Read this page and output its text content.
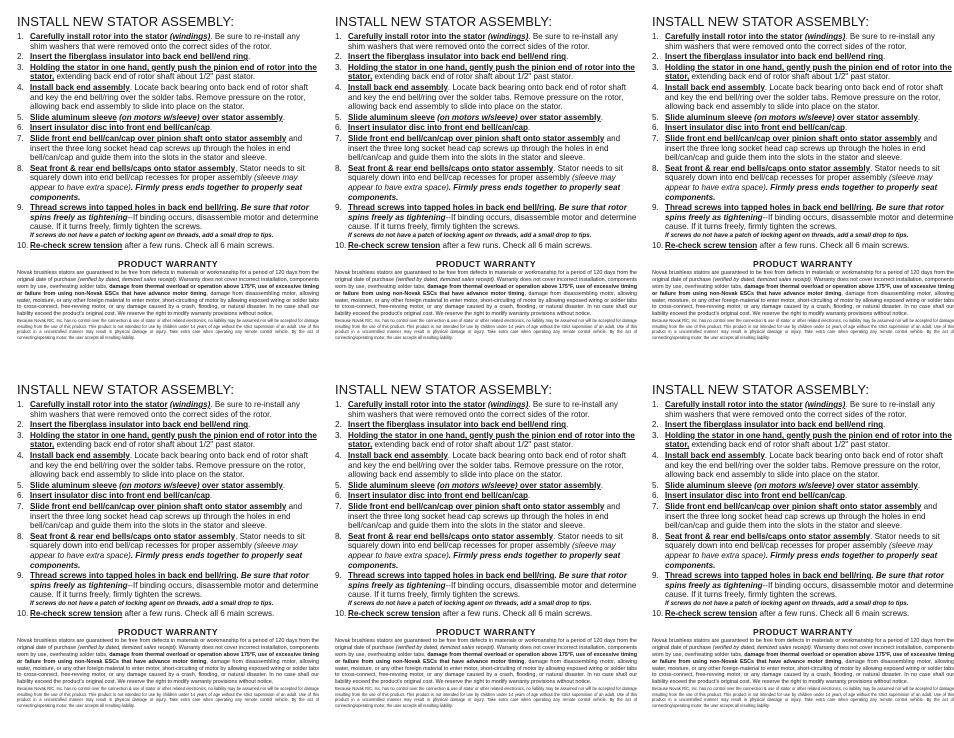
INSTALL NEW STATOR ASSEMBLY:
1. Carefully install rotor into the stator (windings). Be sure to re-install any shim washers that were removed onto the correct sides of the rotor.
2. Insert the fiberglass insulator into back end bell/end ring.
3. Holding the stator in one hand, gently push the pinion end of rotor into the stator, extending back end of rotor shaft about 1/2" past stator.
4. Install back end assembly. Locate back bearing onto back end of rotor shaft and key the end bell/ring over the solder tabs. Remove pressure on the rotor, allowing back end assembly to slide into place on the stator.
5. Slide aluminum sleeve (on motors w/sleeve) over stator assembly.
6. Insert insulator disc into front end bell/can/cap.
7. Slide front end bell/can/cap over pinion shaft onto stator assembly and insert the three long socket head cap screws up through the holes in end bell/can/cap and guide them into the slots in the stator and sleeve.
8. Seat front & rear end bells/caps onto stator assembly. Stator needs to sit squarely down into end bell/cap recesses for proper assembly (sleeve may appear to have extra space). Firmly press ends together to properly seat components.
9. Thread screws into tapped holes in back end bell/ring. Be sure that rotor spins freely as tightening--If binding occurs, disassemble motor and determine cause. If it turns freely, firmly tighten the screws.
If screws do not have a patch of locking agent on threads, add a small drop to tips.
10. Re-check screw tension after a few runs. Check all 6 main screws.
PRODUCT WARRANTY

Novak brushless stators are guaranteed to be free from defects in materials or workmanship for a period of 120 days from the original date of purchase (verified by dated, itemized sales receipt). Warranty does not cover incorrect installation, components worn by use, overheating solder tabs, damage from thermal overload or operation above 175°F, use of excessive timing or failure from using non-Novak ESCs that have advance motor timing, damage from disassembling motor, allowing water, moisture, or any other foreign material to enter motor, short-circuiting of motor by allowing exposed wiring or solder tabs to cross-connect, free-revving motor, or any damage caused by a crash, flooding, or natural disaster. In no case shall our liability exceed the product's original cost. We reserve the right to modify warranty provisions without notice.

Because Novak R/C, Inc. has no control over the connection & use of stator or other related electronics, no liability may be assumed nor will be accepted for damage resulting from the use of this product. This product is not intended for use by children under 14 years of age without the strict supervision of an adult. Use of this product in a uncontrolled manner may result in physical damage or injury. Take extra care when operating any remote control vehicle. By the act of connecting/operating motor, the user accepts all resulting liability.

INSTALL NEW STATOR ASSEMBLY:
1. Carefully install rotor into the stator (windings). Be sure to re-install any shim washers that were removed onto the correct sides of the rotor.
2. Insert the fiberglass insulator into back end bell/end ring.
3. Holding the stator in one hand, gently push the pinion end of rotor into the stator, extending back end of rotor shaft about 1/2" past stator.
4. Install back end assembly. Locate back bearing onto back end of rotor shaft and key the end bell/ring over the solder tabs. Remove pressure on the rotor, allowing back end assembly to slide into place on the stator.
5. Slide aluminum sleeve (on motors w/sleeve) over stator assembly.
6. Insert insulator disc into front end bell/can/cap.
7. Slide front end bell/can/cap over pinion shaft onto stator assembly and insert the three long socket head cap screws up through the holes in end bell/can/cap and guide them into the slots in the stator and sleeve.
8. Seat front & rear end bells/caps onto stator assembly. Stator needs to sit squarely down into end bell/cap recesses for proper assembly (sleeve may appear to have extra space). Firmly press ends together to properly seat components.
9. Thread screws into tapped holes in back end bell/ring. Be sure that rotor spins freely as tightening--If binding occurs, disassemble motor and determine cause. If it turns freely, firmly tighten the screws.
If screws do not have a patch of locking agent on threads, add a small drop to tips.
10. Re-check screw tension after a few runs. Check all 6 main screws.
PRODUCT WARRANTY

Novak brushless stators are guaranteed to be free from defects in materials or workmanship for a period of 120 days from the original date of purchase (verified by dated, itemized sales receipt). Warranty does not cover incorrect installation, components worn by use, overheating solder tabs, damage from thermal overload or operation above 175°F, use of excessive timing or failure from using non-Novak ESCs that have advance motor timing, damage from disassembling motor, allowing water, moisture, or any other foreign material to enter motor, short-circuiting of motor by allowing exposed wiring or solder tabs to cross-connect, free-revving motor, or any damage caused by a crash, flooding, or natural disaster. In no case shall our liability exceed the product's original cost. We reserve the right to modify warranty provisions without notice.

Because Novak R/C, Inc. has no control over the connection & use of stator or other related electronics, no liability may be assumed nor will be accepted for damage resulting from the use of this product. This product is not intended for use by children under 14 years of age without the strict supervision of an adult. Use of this product in a uncontrolled manner may result in physical damage or injury. Take extra care when operating any remote control vehicle. By the act of connecting/operating motor, the user accepts all resulting liability.

INSTALL NEW STATOR ASSEMBLY:
1. Carefully install rotor into the stator (windings). Be sure to re-install any shim washers that were removed onto the correct sides of the rotor.
2. Insert the fiberglass insulator into back end bell/end ring.
3. Holding the stator in one hand, gently push the pinion end of rotor into the stator, extending back end of rotor shaft about 1/2" past stator.
4. Install back end assembly. Locate back bearing onto back end of rotor shaft and key the end bell/ring over the solder tabs. Remove pressure on the rotor, allowing back end assembly to slide into place on the stator.
5. Slide aluminum sleeve (on motors w/sleeve) over stator assembly.
6. Insert insulator disc into front end bell/can/cap.
7. Slide front end bell/can/cap over pinion shaft onto stator assembly and insert the three long socket head cap screws up through the holes in end bell/can/cap and guide them into the slots in the stator and sleeve.
8. Seat front & rear end bells/caps onto stator assembly. Stator needs to sit squarely down into end bell/cap recesses for proper assembly (sleeve may appear to have extra space). Firmly press ends together to properly seat components.
9. Thread screws into tapped holes in back end bell/ring. Be sure that rotor spins freely as tightening--If binding occurs, disassemble motor and determine cause. If it turns freely, firmly tighten the screws.
If screws do not have a patch of locking agent on threads, add a small drop to tips.
10. Re-check screw tension after a few runs. Check all 6 main screws.
PRODUCT WARRANTY

Novak brushless stators are guaranteed to be free from defects in materials or workmanship for a period of 120 days from the original date of purchase (verified by dated, itemized sales receipt). Warranty does not cover incorrect installation, components worn by use, overheating solder tabs, damage from thermal overload or operation above 175°F, use of excessive timing or failure from using non-Novak ESCs that have advance motor timing, damage from disassembling motor, allowing water, moisture, or any other foreign material to enter motor, short-circuiting of motor by allowing exposed wiring or solder tabs to cross-connect, free-revving motor, or any damage caused by a crash, flooding, or natural disaster. In no case shall our liability exceed the product's original cost. We reserve the right to modify warranty provisions without notice.

Because Novak R/C, Inc. has no control over the connection & use of stator or other related electronics, no liability may be assumed nor will be accepted for damage resulting from the use of this product. This product is not intended for use by children under 14 years of age without the strict supervision of an adult. Use of this product in a uncontrolled manner may result in physical damage or injury. Take extra care when operating any remote control vehicle. By the act of connecting/operating motor, the user accepts all resulting liability.

INSTALL NEW STATOR ASSEMBLY:
1. Carefully install rotor into the stator (windings). Be sure to re-install any shim washers that were removed onto the correct sides of the rotor.
2. Insert the fiberglass insulator into back end bell/end ring.
3. Holding the stator in one hand, gently push the pinion end of rotor into the stator, extending back end of rotor shaft about 1/2" past stator.
4. Install back end assembly. Locate back bearing onto back end of rotor shaft and key the end bell/ring over the solder tabs. Remove pressure on the rotor, allowing back end assembly to slide into place on the stator.
5. Slide aluminum sleeve (on motors w/sleeve) over stator assembly.
6. Insert insulator disc into front end bell/can/cap.
7. Slide front end bell/can/cap over pinion shaft onto stator assembly and insert the three long socket head cap screws up through the holes in end bell/can/cap and guide them into the slots in the stator and sleeve.
8. Seat front & rear end bells/caps onto stator assembly. Stator needs to sit squarely down into end bell/cap recesses for proper assembly (sleeve may appear to have extra space). Firmly press ends together to properly seat components.
9. Thread screws into tapped holes in back end bell/ring. Be sure that rotor spins freely as tightening--If binding occurs, disassemble motor and determine cause. If it turns freely, firmly tighten the screws.
If screws do not have a patch of locking agent on threads, add a small drop to tips.
10. Re-check screw tension after a few runs. Check all 6 main screws.
PRODUCT WARRANTY

Novak brushless stators are guaranteed to be free from defects in materials or workmanship for a period of 120 days from the original date of purchase (verified by dated, itemized sales receipt). Warranty does not cover incorrect installation, components worn by use, overheating solder tabs, damage from thermal overload or operation above 175°F, use of excessive timing or failure from using non-Novak ESCs that have advance motor timing, damage from disassembling motor, allowing water, moisture, or any other foreign material to enter motor, short-circuiting of motor by allowing exposed wiring or solder tabs to cross-connect, free-revving motor, or any damage caused by a crash, flooding, or natural disaster. In no case shall our liability exceed the product's original cost. We reserve the right to modify warranty provisions without notice.

Because Novak R/C, Inc. has no control over the connection & use of stator or other related electronics, no liability may be assumed nor will be accepted for damage resulting from the use of this product. This product is not intended for use by children under 14 years of age without the strict supervision of an adult. Use of this product in a uncontrolled manner may result in physical damage or injury. Take extra care when operating any remote control vehicle. By the act of connecting/operating motor, the user accepts all resulting liability.

INSTALL NEW STATOR ASSEMBLY:
1. Carefully install rotor into the stator (windings). Be sure to re-install any shim washers that were removed onto the correct sides of the rotor.
2. Insert the fiberglass insulator into back end bell/end ring.
3. Holding the stator in one hand, gently push the pinion end of rotor into the stator, extending back end of rotor shaft about 1/2" past stator.
4. Install back end assembly. Locate back bearing onto back end of rotor shaft and key the end bell/ring over the solder tabs. Remove pressure on the rotor, allowing back end assembly to slide into place on the stator.
5. Slide aluminum sleeve (on motors w/sleeve) over stator assembly.
6. Insert insulator disc into front end bell/can/cap.
7. Slide front end bell/can/cap over pinion shaft onto stator assembly and insert the three long socket head cap screws up through the holes in end bell/can/cap and guide them into the slots in the stator and sleeve.
8. Seat front & rear end bells/caps onto stator assembly. Stator needs to sit squarely down into end bell/cap recesses for proper assembly (sleeve may appear to have extra space). Firmly press ends together to properly seat components.
9. Thread screws into tapped holes in back end bell/ring. Be sure that rotor spins freely as tightening--If binding occurs, disassemble motor and determine cause. If it turns freely, firmly tighten the screws.
If screws do not have a patch of locking agent on threads, add a small drop to tips.
10. Re-check screw tension after a few runs. Check all 6 main screws.
PRODUCT WARRANTY

Novak brushless stators are guaranteed to be free from defects in materials or workmanship for a period of 120 days from the original date of purchase (verified by dated, itemized sales receipt). Warranty does not cover incorrect installation, components worn by use, overheating solder tabs, damage from thermal overload or operation above 175°F, use of excessive timing or failure from using non-Novak ESCs that have advance motor timing, damage from disassembling motor, allowing water, moisture, or any other foreign material to enter motor, short-circuiting of motor by allowing exposed wiring or solder tabs to cross-connect, free-revving motor, or any damage caused by a crash, flooding, or natural disaster. In no case shall our liability exceed the product's original cost. We reserve the right to modify warranty provisions without notice.

Because Novak R/C, Inc. has no control over the connection & use of stator or other related electronics, no liability may be assumed nor will be accepted for damage resulting from the use of this product. This product is not intended for use by children under 14 years of age without the strict supervision of an adult. Use of this product in a uncontrolled manner may result in physical damage or injury. Take extra care when operating any remote control vehicle. By the act of connecting/operating motor, the user accepts all resulting liability.

INSTALL NEW STATOR ASSEMBLY:
1. Carefully install rotor into the stator (windings). Be sure to re-install any shim washers that were removed onto the correct sides of the rotor.
2. Insert the fiberglass insulator into back end bell/end ring.
3. Holding the stator in one hand, gently push the pinion end of rotor into the stator, extending back end of rotor shaft about 1/2" past stator.
4. Install back end assembly. Locate back bearing onto back end of rotor shaft and key the end bell/ring over the solder tabs. Remove pressure on the rotor, allowing back end assembly to slide into place on the stator.
5. Slide aluminum sleeve (on motors w/sleeve) over stator assembly.
6. Insert insulator disc into front end bell/can/cap.
7. Slide front end bell/can/cap over pinion shaft onto stator assembly and insert the three long socket head cap screws up through the holes in end bell/can/cap and guide them into the slots in the stator and sleeve.
8. Seat front & rear end bells/caps onto stator assembly. Stator needs to sit squarely down into end bell/cap recesses for proper assembly (sleeve may appear to have extra space). Firmly press ends together to properly seat components.
9. Thread screws into tapped holes in back end bell/ring. Be sure that rotor spins freely as tightening--If binding occurs, disassemble motor and determine cause. If it turns freely, firmly tighten the screws.
If screws do not have a patch of locking agent on threads, add a small drop to tips.
10. Re-check screw tension after a few runs. Check all 6 main screws.
PRODUCT WARRANTY

Novak brushless stators are guaranteed to be free from defects in materials or workmanship for a period of 120 days from the original date of purchase (verified by dated, itemized sales receipt). Warranty does not cover incorrect installation, components worn by use, overheating solder tabs, damage from thermal overload or operation above 175°F, use of excessive timing or failure from using non-Novak ESCs that have advance motor timing, damage from disassembling motor, allowing water, moisture, or any other foreign material to enter motor, short-circuiting of motor by allowing exposed wiring or solder tabs to cross-connect, free-revving motor, or any damage caused by a crash, flooding, or natural disaster. In no case shall our liability exceed the product's original cost. We reserve the right to modify warranty provisions without notice.

Because Novak R/C, Inc. has no control over the connection & use of stator or other related electronics, no liability may be assumed nor will be accepted for damage resulting from the use of this product. This product is not intended for use by children under 14 years of age without the strict supervision of an adult. Use of this product in a uncontrolled manner may result in physical damage or injury. Take extra care when operating any remote control vehicle. By the act of connecting/operating motor, the user accepts all resulting liability.
